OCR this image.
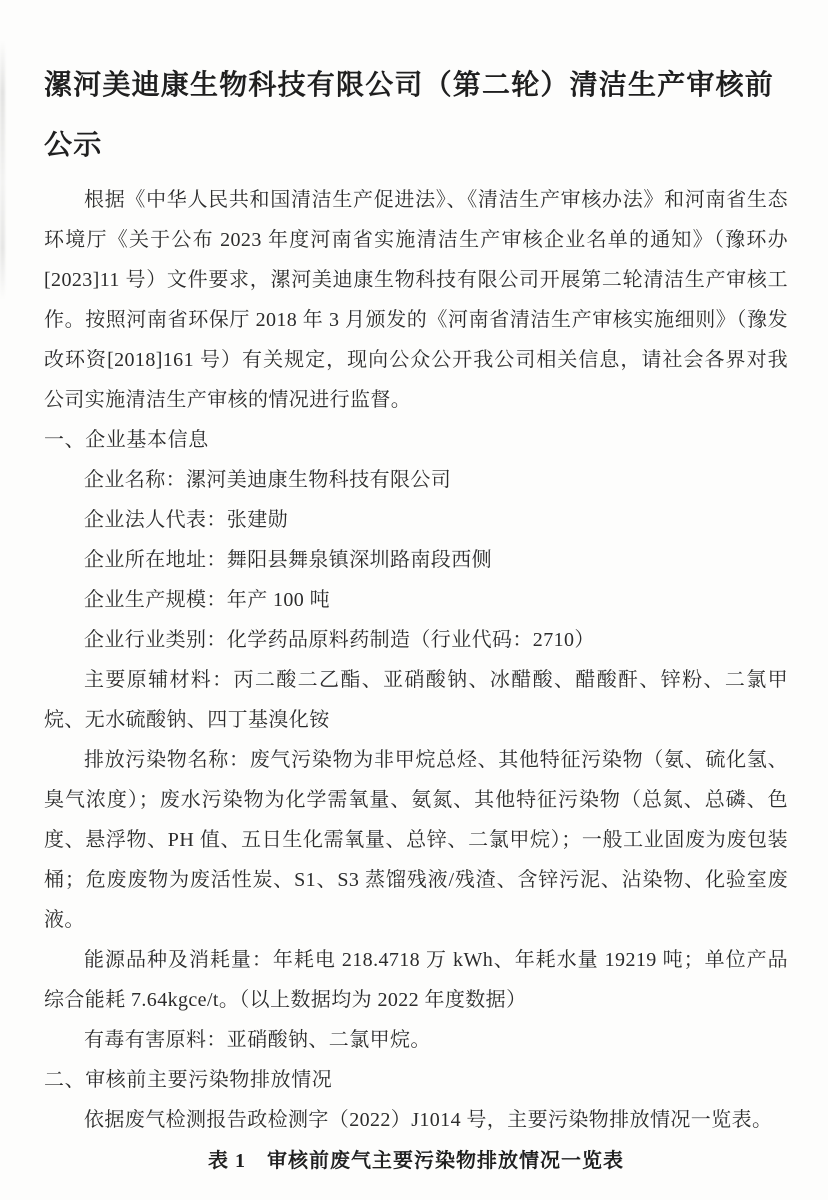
漯河美迪康生物科技有限公司（第二轮）清洁生产审核前公示

根据《中华人民共和国清洁生产促进法》、《清洁生产审核办法》和河南省生态环境厅《关于公布 2023 年度河南省实施清洁生产审核企业名单的通知》（豫环办[2023]11 号）文件要求，漯河美迪康生物科技有限公司开展第二轮清洁生产审核工作。按照河南省环保厅 2018 年 3 月颁发的《河南省清洁生产审核实施细则》（豫发改环资[2018]161 号）有关规定，现向公众公开我公司相关信息，请社会各界对我公司实施清洁生产审核的情况进行监督。

一、企业基本信息

企业名称：漯河美迪康生物科技有限公司

企业法人代表：张建勋

企业所在地址：舞阳县舞泉镇深圳路南段西侧

企业生产规模：年产 100 吨

企业行业类别：化学药品原料药制造（行业代码：2710）

主要原辅材料：丙二酸二乙酯、亚硝酸钠、冰醋酸、醋酸酐、锌粉、二氯甲烷、无水硫酸钠、四丁基溴化铵

排放污染物名称：废气污染物为非甲烷总烃、其他特征污染物（氨、硫化氢、臭气浓度）；废水污染物为化学需氧量、氨氮、其他特征污染物（总氮、总磷、色度、悬浮物、PH 值、五日生化需氧量、总锌、二氯甲烷）；一般工业固废为废包装桶；危废废物为废活性炭、S1、S3 蒸馏残液/残渣、含锌污泥、沾染物、化验室废液。

能源品种及消耗量：年耗电 218.4718 万 kWh、年耗水量 19219 吨；单位产品综合能耗 7.64kgce/t。（以上数据均为 2022 年度数据）

有毒有害原料：亚硝酸钠、二氯甲烷。

二、审核前主要污染物排放情况

依据废气检测报告政检测字（2022）J1014 号，主要污染物排放情况一览表。

表 1　审核前废气主要污染物排放情况一览表
